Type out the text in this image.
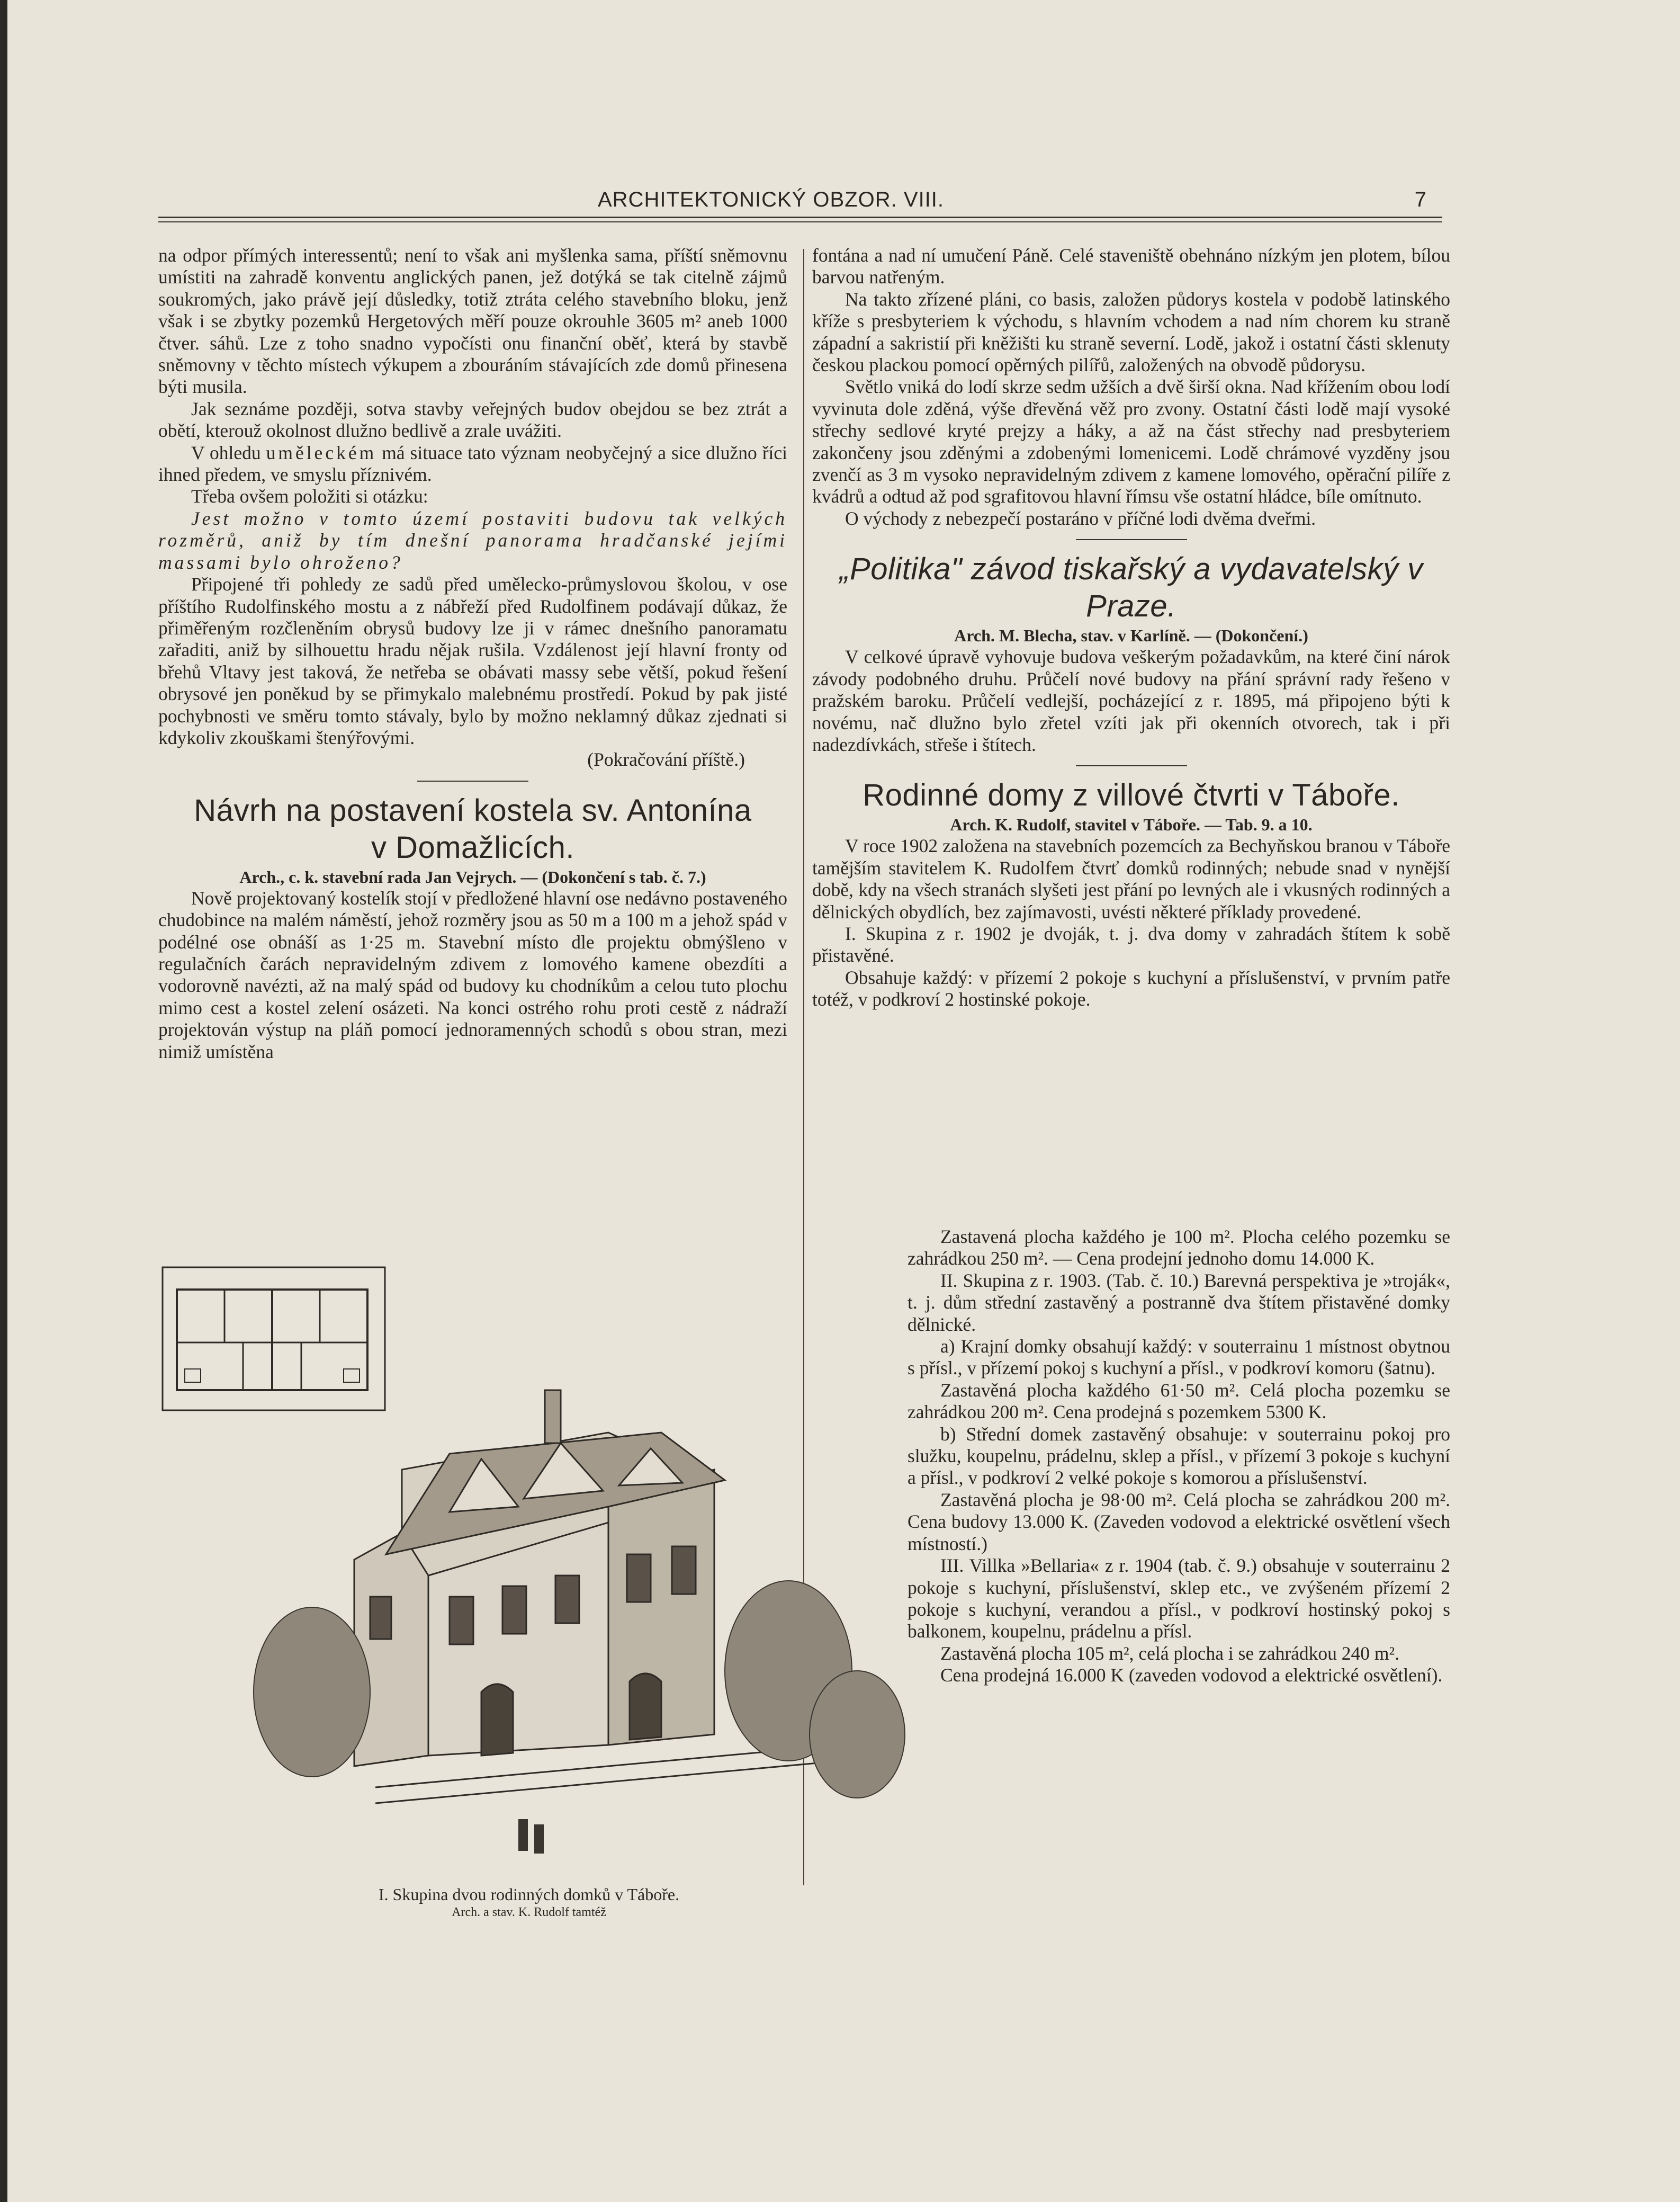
ARCHITEKTONICKÝ OBZOR. VIII.	7

na odpor přímých interessentů; není to však ani myšlenka sama, příští sněmovnu umístiti na zahradě konventu anglických panen, jež dotýká se tak citelně zájmů soukromých, jako právě její důsledky, totiž ztráta celého stavebního bloku, jenž však i se zbytky pozemků Hergetových měří pouze okrouhle 3605 m² aneb 1000 čtver. sáhů. Lze z toho snadno vypočísti onu finanční oběť, která by stavbě sněmovny v těchto místech výkupem a zbouráním stávajících zde domů přinesena býti musila.

Jak seznáme později, sotva stavby veřejných budov obejdou se bez ztrát a obětí, kterouž okolnost dlužno bedlivě a zrale uvážiti.

V ohledu uměleckém má situace tato význam neobyčejný a sice dlužno říci ihned předem, ve smyslu příznivém.

Třeba ovšem položiti si otázku:

Jest možno v tomto území postaviti budovu tak velkých rozměrů, aniž by tím dnešní panorama hradčanské jejími massami bylo ohroženo?

Připojené tři pohledy ze sadů před umělecko-průmyslovou školou, v ose příštího Rudolfinského mostu a z nábřeží před Rudolfinem podávají důkaz, že přiměřeným rozčleněním obrysů budovy lze ji v rámec dnešního panoramatu zařaditi, aniž by silhouettu hradu nějak rušila. Vzdálenost její hlavní fronty od břehů Vltavy jest taková, že netřeba se obávati massy sebe větší, pokud řešení obrysové jen poněkud by se přimykalo malebnému prostředí. Pokud by pak jisté pochybnosti ve směru tomto stávaly, bylo by možno neklamný důkaz zjednati si kdykoliv zkouškami štenýřovými.

(Pokračování příště.)

Návrh na postavení kostela sv. Antonína
v Domažlicích.

Arch., c. k. stavební rada Jan Vejrych. — (Dokončení s tab. č. 7.)

Nově projektovaný kostelík stojí v předložené hlavní ose nedávno postaveného chudobince na malém náměstí, jehož rozměry jsou as 50 m a 100 m a jehož spád v podélné ose obnáší as 1·25 m. Stavební místo dle projektu obmýšleno v regulačních čarách nepravidelným zdivem z lomového kamene obezdíti a vodorovně navézti, až na malý spád od budovy ku chodníkům a celou tuto plochu mimo cest a kostel zelení osázeti. Na konci ostrého rohu proti cestě z nádraží projektován výstup na pláň pomocí jednoramenných schodů s obou stran, mezi nimiž umístěna

fontána a nad ní umučení Páně. Celé staveniště obehnáno nízkým jen plotem, bílou barvou natřeným.

Na takto zřízené pláni, co basis, založen půdorys kostela v podobě latinského kříže s presbyteriem k východu, s hlavním vchodem a nad ním chorem ku straně západní a sakristií při kněžišti ku straně severní. Lodě, jakož i ostatní části sklenuty českou plackou pomocí opěrných pilířů, založených na obvodě půdorysu.

Světlo vniká do lodí skrze sedm užších a dvě širší okna. Nad křížením obou lodí vyvinuta dole zděná, výše dřevěná věž pro zvony. Ostatní části lodě mají vysoké střechy sedlové kryté prejzy a háky, a až na část střechy nad presbyteriem zakončeny jsou zděnými a zdobenými lomenicemi. Lodě chrámové vyzděny jsou zvenčí as 3 m vysoko nepravidelným zdivem z kamene lomového, opěrační pilíře z kvádrů a odtud až pod sgrafitovou hlavní římsu vše ostatní hládce, bíle omítnuto.

O východy z nebezpečí postaráno v příčné lodi dvěma dveřmi.

„Politika" závod tiskařský a vydavatelský v Praze.

Arch. M. Blecha, stav. v Karlíně. — (Dokončení.)

V celkové úpravě vyhovuje budova veškerým požadavkům, na které činí nárok závody podobného druhu. Průčelí nové budovy na přání správní rady řešeno v pražském baroku. Průčelí vedlejší, pocházející z r. 1895, má připojeno býti k novému, nač dlužno bylo zřetel vzíti jak při okenních otvorech, tak i při nadezdívkách, střeše i štítech.

Rodinné domy z villové čtvrti v Táboře.

Arch. K. Rudolf, stavitel v Táboře. — Tab. 9. a 10.

V roce 1902 založena na stavebních pozemcích za Bechyňskou branou v Táboře tamějším stavitelem K. Rudolfem čtvrť domků rodinných; nebude snad v nynější době, kdy na všech stranách slyšeti jest přání po levných ale i vkusných rodinných a dělnických obydlích, bez zajímavosti, uvésti některé příklady provedené.

I. Skupina z r. 1902 je dvoják, t. j. dva domy v zahradách štítem k sobě přistavěné.

Obsahuje každý: v přízemí 2 pokoje s kuchyní a příslušenství, v prvním patře totéž, v podkroví 2 hostinské pokoje.

Zastavená plocha každého je 100 m². Plocha celého pozemku se zahrádkou 250 m². — Cena prodejní jednoho domu 14.000 K.

II. Skupina z r. 1903. (Tab. č. 10.) Barevná perspektiva je »troják«, t. j. dům střední zastavěný a postranně dva štítem přistavěné domky dělnické.

a) Krajní domky obsahují každý: v souterrainu 1 místnost obytnou s přísl., v přízemí pokoj s kuchyní a přísl., v podkroví komoru (šatnu).

Zastavěná plocha každého 61·50 m². Celá plocha pozemku se zahrádkou 200 m². Cena prodejná s pozemkem 5300 K.

b) Střední domek zastavěný obsahuje: v souterrainu pokoj pro služku, koupelnu, prádelnu, sklep a přísl., v přízemí 3 pokoje s kuchyní a přísl., v podkroví 2 velké pokoje s komorou a příslušenství.

Zastavěná plocha je 98·00 m². Celá plocha se zahrádkou 200 m². Cena budovy 13.000 K. (Zaveden vodovod a elektrické osvětlení všech místností.)

III. Villka »Bellaria« z r. 1904 (tab. č. 9.) obsahuje v souterrainu 2 pokoje s kuchyní, příslušenství, sklep etc., ve zvýšeném přízemí 2 pokoje s kuchyní, verandou a přísl., v podkroví hostinský pokoj s balkonem, koupelnu, prádelnu a přísl.

Zastavěná plocha 105 m², celá plocha i se zahrádkou 240 m².

Cena prodejná 16.000 K (zaveden vodovod a elektrické osvětlení).

I. Skupina dvou rodinných domků v Táboře.
Arch. a stav. K. Rudolf tamtéž
